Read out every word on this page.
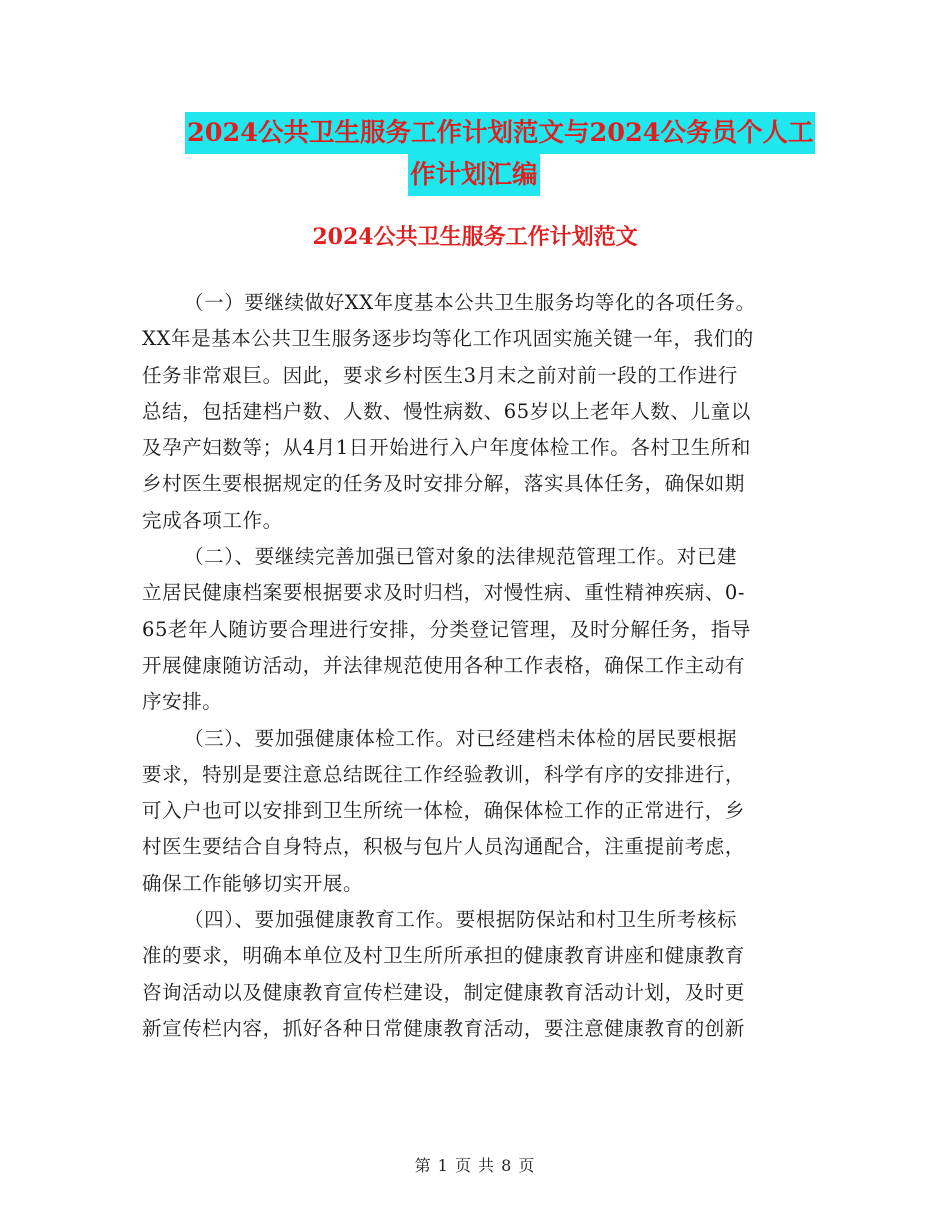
2024公共卫生服务工作计划范文与2024公务员个人工
作计划汇编
2024公共卫生服务工作计划范文
（一）要继续做好XX年度基本公共卫生服务均等化的各项任务。
XX年是基本公共卫生服务逐步均等化工作巩固实施关键一年，我们的
任务非常艰巨。因此，要求乡村医生3月末之前对前一段的工作进行
总结，包括建档户数、人数、慢性病数、65岁以上老年人数、儿童以
及孕产妇数等；从4月1日开始进行入户年度体检工作。各村卫生所和
乡村医生要根据规定的任务及时安排分解，落实具体任务，确保如期
完成各项工作。
（二）、要继续完善加强已管对象的法律规范管理工作。对已建
立居民健康档案要根据要求及时归档，对慢性病、重性精神疾病、0-
65老年人随访要合理进行安排，分类登记管理，及时分解任务，指导
开展健康随访活动，并法律规范使用各种工作表格，确保工作主动有
序安排。
（三）、要加强健康体检工作。对已经建档未体检的居民要根据
要求，特别是要注意总结既往工作经验教训，科学有序的安排进行，
可入户也可以安排到卫生所统一体检，确保体检工作的正常进行，乡
村医生要结合自身特点，积极与包片人员沟通配合，注重提前考虑，
确保工作能够切实开展。
（四）、要加强健康教育工作。要根据防保站和村卫生所考核标
准的要求，明确本单位及村卫生所所承担的健康教育讲座和健康教育
咨询活动以及健康教育宣传栏建设，制定健康教育活动计划，及时更
新宣传栏内容，抓好各种日常健康教育活动，要注意健康教育的创新
第 1 页 共 8 页
